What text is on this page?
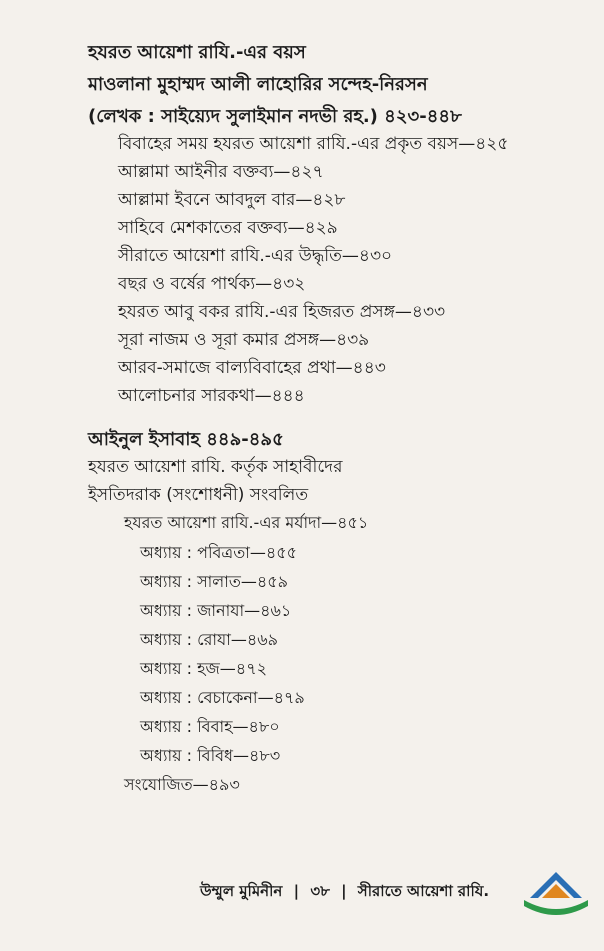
হযরত আয়েশা রাযি.-এর বয়স
মাওলানা মুহাম্মদ আলী লাহোরির সন্দেহ-নিরসন
(লেখক : সাইয়্যেদ সুলাইমান নদভী রহ.) ৪২৩-৪৪৮
বিবাহের সময় হযরত আয়েশা রাযি.-এর প্রকৃত বয়স—৪২৫
আল্লামা আইনীর বক্তব্য—৪২৭
আল্লামা ইবনে আবদুল বার—৪২৮
সাহিবে মেশকাতের বক্তব্য—৪২৯
সীরাতে আয়েশা রাযি.-এর উদ্ধৃতি—৪৩০
বছর ও বর্ষের পার্থক্য—৪৩২
হযরত আবু বকর রাযি.-এর হিজরত প্রসঙ্গ—৪৩৩
সূরা নাজম ও সূরা কমার প্রসঙ্গ—৪৩৯
আরব-সমাজে বাল্যবিবাহের প্রথা—৪৪৩
আলোচনার সারকথা—৪৪৪
আইনুল ইসাবাহ ৪৪৯-৪৯৫
হযরত আয়েশা রাযি. কর্তৃক সাহাবীদের
ইসতিদরাক (সংশোধনী) সংবলিত
হযরত আয়েশা রাযি.-এর মর্যাদা—৪৫১
অধ্যায় : পবিত্রতা—৪৫৫
অধ্যায় : সালাত—৪৫৯
অধ্যায় : জানাযা—৪৬১
অধ্যায় : রোযা—৪৬৯
অধ্যায় : হজ—৪৭২
অধ্যায় : বেচাকেনা—৪৭৯
অধ্যায় : বিবাহ—৪৮০
অধ্যায় : বিবিধ—৪৮৩
সংযোজিত—৪৯৩
উম্মুল মুমিনীন | ৩৮ | সীরাতে আয়েশা রাযি.
